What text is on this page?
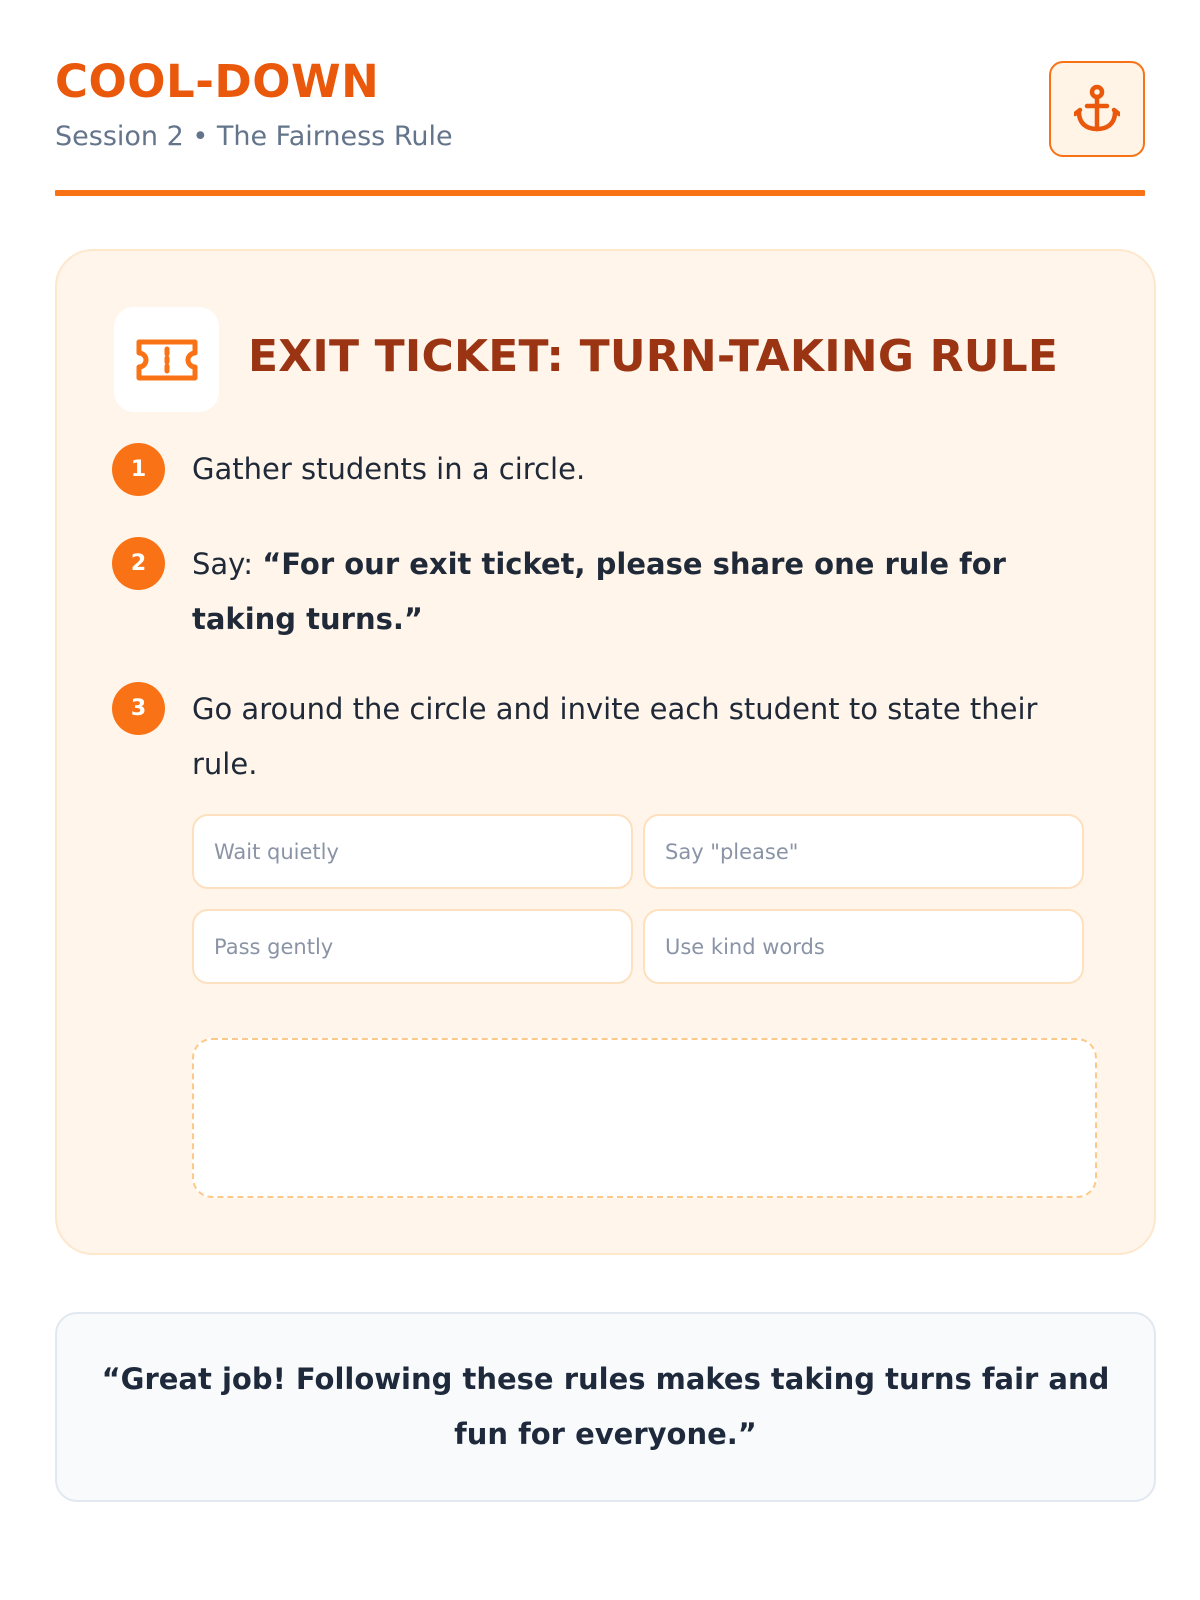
COOL-DOWN
Session 2 • The Fairness Rule
EXIT TICKET: TURN-TAKING RULE
1	Gather students in a circle.
2	Say: “For our exit ticket, please share one rule for taking turns.”
3	Go around the circle and invite each student to state their rule.
Wait quietly	Say "please"
Pass gently	Use kind words
“Great job! Following these rules makes taking turns fair and fun for everyone.”
